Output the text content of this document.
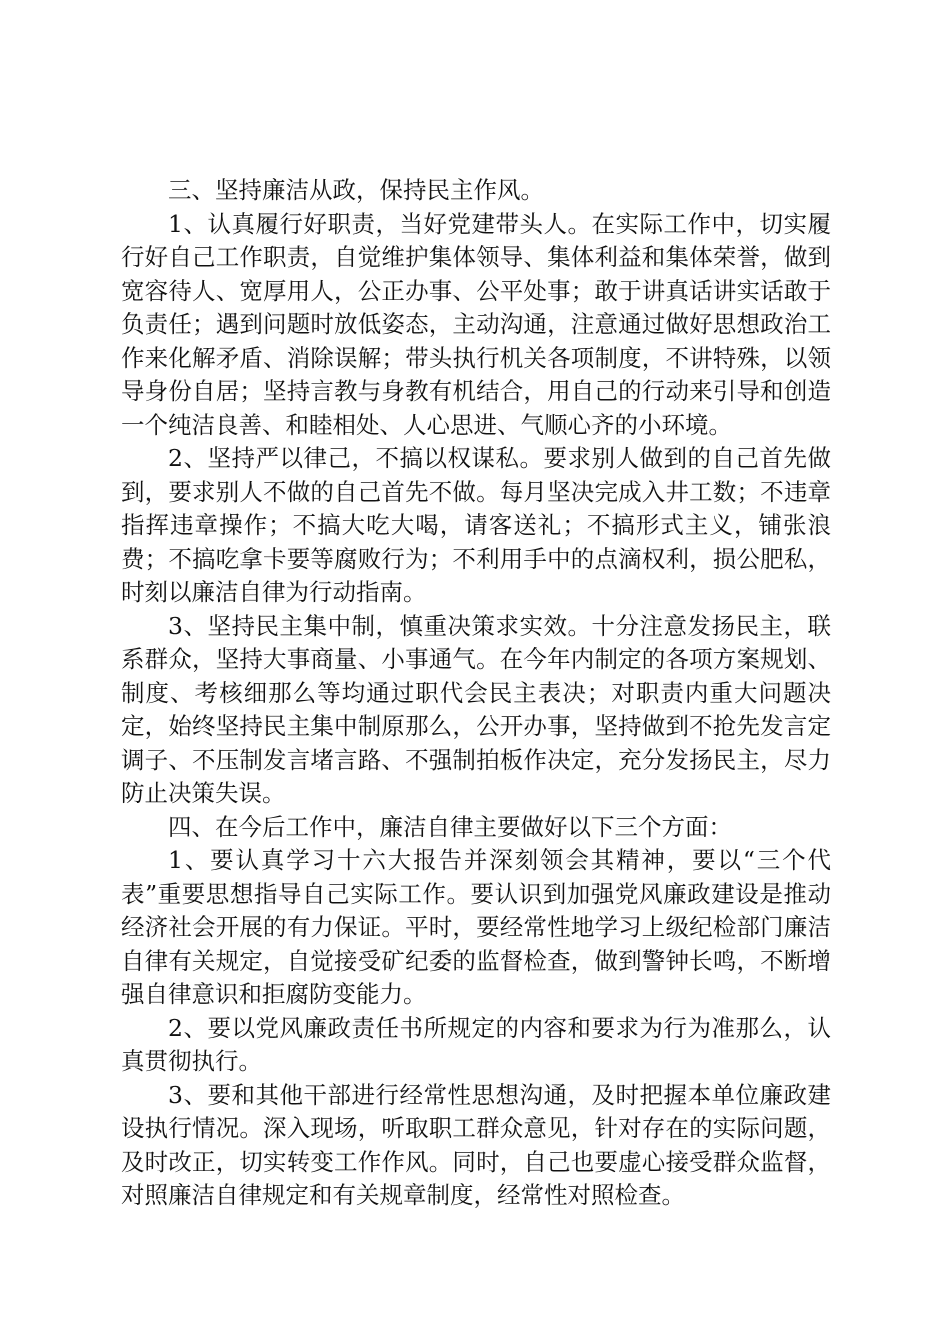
三、坚持廉洁从政，保持民主作风。

1、认真履行好职责，当好党建带头人。在实际工作中，切实履行好自己工作职责，自觉维护集体领导、集体利益和集体荣誉，做到宽容待人、宽厚用人，公正办事、公平处事；敢于讲真话讲实话敢于负责任；遇到问题时放低姿态，主动沟通，注意通过做好思想政治工作来化解矛盾、消除误解；带头执行机关各项制度，不讲特殊，以领导身份自居；坚持言教与身教有机结合，用自己的行动来引导和创造一个纯洁良善、和睦相处、人心思进、气顺心齐的小环境。

2、坚持严以律己，不搞以权谋私。要求别人做到的自己首先做到，要求别人不做的自己首先不做。每月坚决完成入井工数；不违章指挥违章操作；不搞大吃大喝，请客送礼；不搞形式主义，铺张浪费；不搞吃拿卡要等腐败行为；不利用手中的点滴权利，损公肥私，时刻以廉洁自律为行动指南。

3、坚持民主集中制，慎重决策求实效。十分注意发扬民主，联系群众，坚持大事商量、小事通气。在今年内制定的各项方案规划、制度、考核细那么等均通过职代会民主表决；对职责内重大问题决定，始终坚持民主集中制原那么，公开办事，坚持做到不抢先发言定调子、不压制发言堵言路、不强制拍板作决定，充分发扬民主，尽力防止决策失误。

四、在今后工作中，廉洁自律主要做好以下三个方面：

1、要认真学习十六大报告并深刻领会其精神，要以“三个代表”重要思想指导自己实际工作。要认识到加强党风廉政建设是推动经济社会开展的有力保证。平时，要经常性地学习上级纪检部门廉洁自律有关规定，自觉接受矿纪委的监督检查，做到警钟长鸣，不断增强自律意识和拒腐防变能力。

2、要以党风廉政责任书所规定的内容和要求为行为准那么，认真贯彻执行。

3、要和其他干部进行经常性思想沟通，及时把握本单位廉政建设执行情况。深入现场，听取职工群众意见，针对存在的实际问题，及时改正，切实转变工作作风。同时，自己也要虚心接受群众监督，对照廉洁自律规定和有关规章制度，经常性对照检查。
